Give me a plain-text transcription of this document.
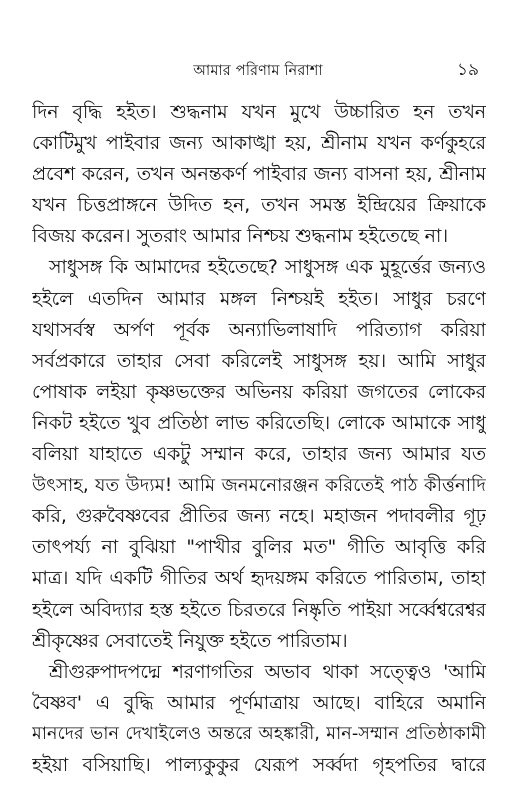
আমার পরিণাম নিরাশা	১৯
দিন বৃদ্ধি হইত। শুদ্ধনাম যখন মুখে উচ্চারিত হন তখন
কোটিমুখ পাইবার জন্য আকাঙ্খা হয়, শ্রীনাম যখন কর্ণকুহরে
প্রবেশ করেন, তখন অনন্তকর্ণ পাইবার জন্য বাসনা হয়, শ্রীনাম
যখন চিত্তপ্রাঙ্গনে উদিত হন, তখন সমস্ত ইন্দ্রিয়ের ক্রিয়াকে
বিজয় করেন। সুতরাং আমার নিশ্চয় শুদ্ধনাম হইতেছে না।
সাধুসঙ্গ কি আমাদের হইতেছে? সাধুসঙ্গ এক মুহূর্ত্তের জন্যও
হইলে এতদিন আমার মঙ্গল নিশ্চয়ই হইত। সাধুর চরণে
যথাসর্বস্ব অর্পণ পূর্বক অন্যাভিলাষাদি পরিত্যাগ করিয়া
সর্বপ্রকারে তাহার সেবা করিলেই সাধুসঙ্গ হয়। আমি সাধুর
পোষাক লইয়া কৃষ্ণভক্তের অভিনয় করিয়া জগতের লোকের
নিকট হইতে খুব প্রতিষ্ঠা লাভ করিতেছি। লোকে আমাকে সাধু
বলিয়া যাহাতে একটু সম্মান করে, তাহার জন্য আমার যত
উৎসাহ, যত উদ্যম! আমি জনমনোরঞ্জন করিতেই পাঠ কীর্ত্তনাদি
করি, গুরুবৈষ্ণবের প্রীতির জন্য নহে। মহাজন পদাবলীর গূঢ়
তাৎপর্য্য না বুঝিয়া "পাখীর বুলির মত" গীতি আবৃত্তি করি
মাত্র। যদি একটি গীতির অর্থ হৃদয়ঙ্গম করিতে পারিতাম, তাহা
হইলে অবিদ্যার হস্ত হইতে চিরতরে নিষ্কৃতি পাইয়া সর্ব্বেশ্বরেশ্বর
শ্রীকৃষ্ণের সেবাতেই নিযুক্ত হইতে পারিতাম।
শ্রীগুরুপাদপদ্মে শরণাগতির অভাব থাকা সত্ত্বেও 'আমি
বৈষ্ণব' এ বুদ্ধি আমার পূর্ণমাত্রায় আছে। বাহিরে অমানি
মানদের ভান দেখাইলেও অন্তরে অহঙ্কারী, মান-সম্মান প্রতিষ্ঠাকামী
হইয়া বসিয়াছি। পাল্যকুকুর যেরূপ সর্ব্বদা গৃহপতির দ্বারে
